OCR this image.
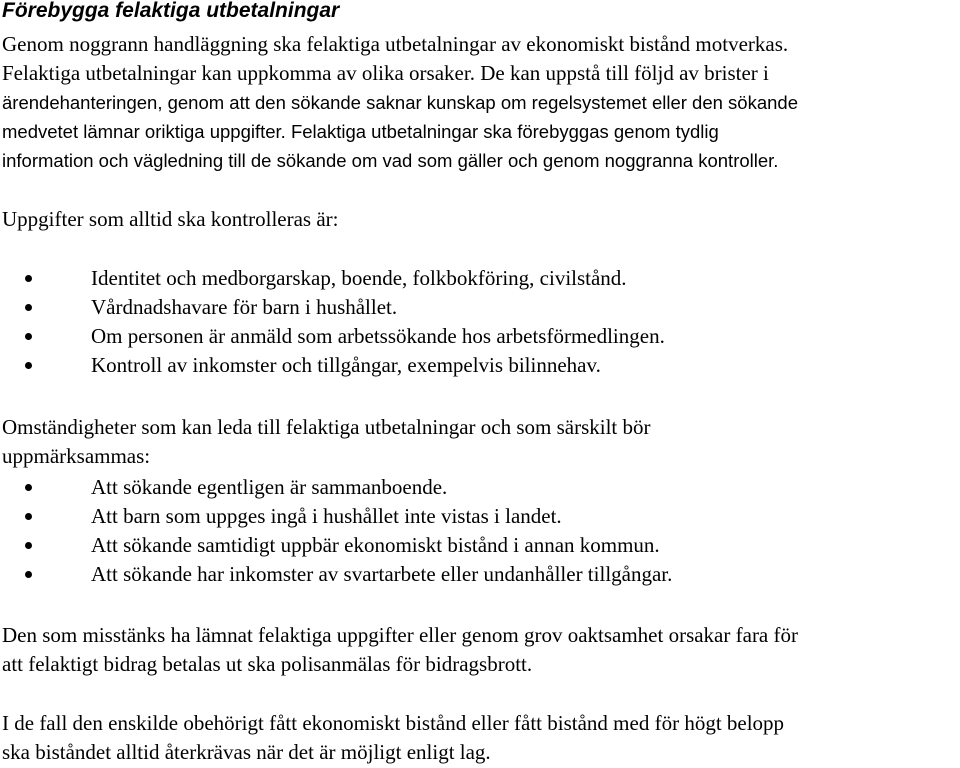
Förebygga felaktiga utbetalningar
Genom noggrann handläggning ska felaktiga utbetalningar av ekonomiskt bistånd motverkas.
Felaktiga utbetalningar kan uppkomma av olika orsaker. De kan uppstå till följd av brister i
ärendehanteringen, genom att den sökande saknar kunskap om regelsystemet eller den sökande
medvetet lämnar oriktiga uppgifter. Felaktiga utbetalningar ska förebyggas genom tydlig
information och vägledning till de sökande om vad som gäller och genom noggranna kontroller.
Uppgifter som alltid ska kontrolleras är:
Identitet och medborgarskap, boende, folkbokföring, civilstånd.
Vårdnadshavare för barn i hushållet.
Om personen är anmäld som arbetssökande hos arbetsförmedlingen.
Kontroll av inkomster och tillgångar, exempelvis bilinnehav.
Omständigheter som kan leda till felaktiga utbetalningar och som särskilt bör
uppmärksammas:
Att sökande egentligen är sammanboende.
Att barn som uppges ingå i hushållet inte vistas i landet.
Att sökande samtidigt uppbär ekonomiskt bistånd i annan kommun.
Att sökande har inkomster av svartarbete eller undanhåller tillgångar.
Den som misstänks ha lämnat felaktiga uppgifter eller genom grov oaktsamhet orsakar fara för
att felaktigt bidrag betalas ut ska polisanmälas för bidragsbrott.
I de fall den enskilde obehörigt fått ekonomiskt bistånd eller fått bistånd med för högt belopp
ska biståndet alltid återkrävas när det är möjligt enligt lag.
